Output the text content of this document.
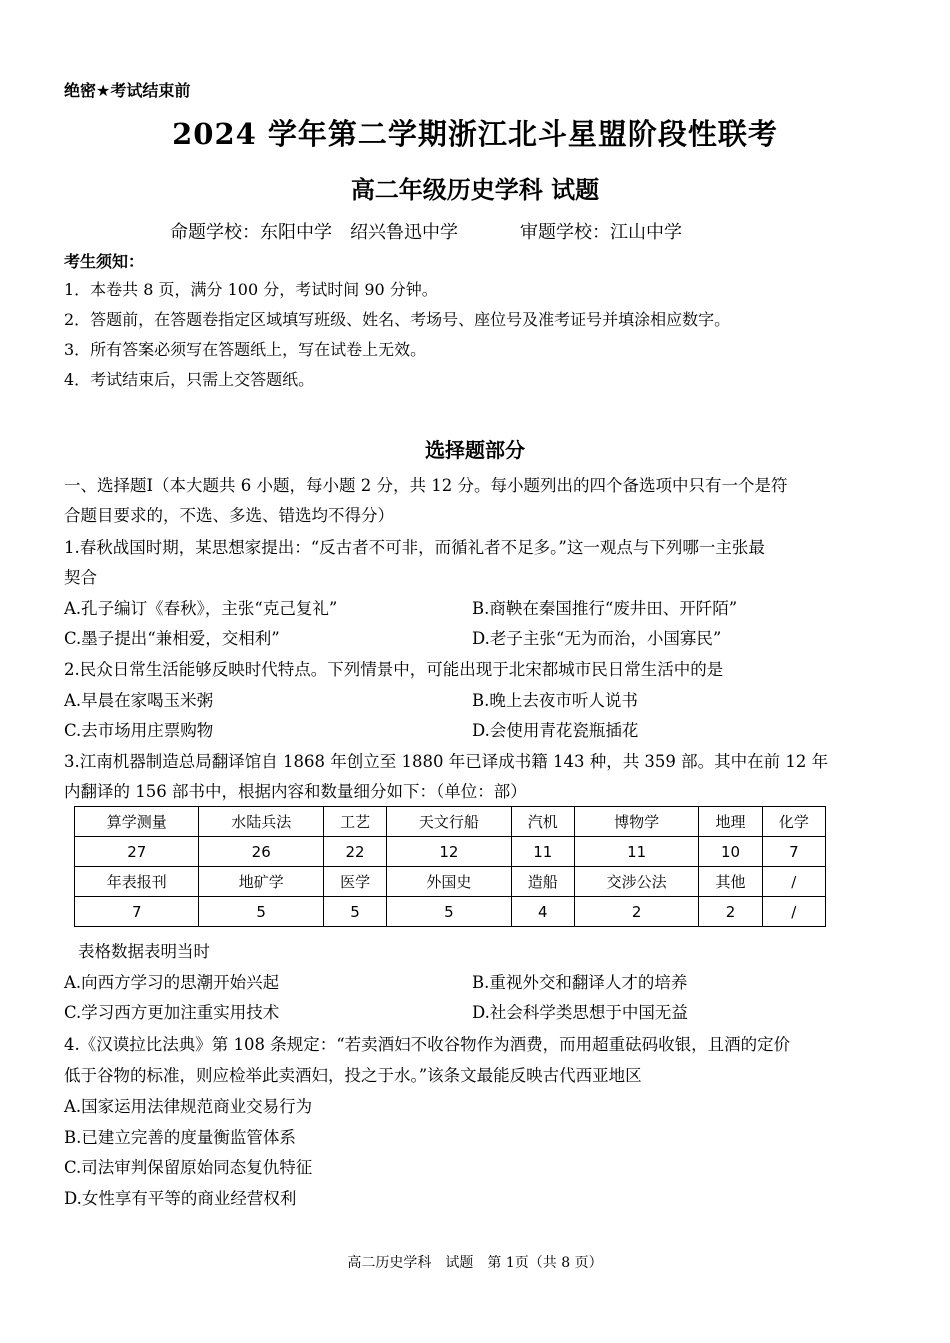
绝密★考试结束前
2024 学年第二学期浙江北斗星盟阶段性联考
高二年级历史学科 试题
命题学校：东阳中学　绍兴鲁迅中学	审题学校：江山中学
考生须知：
1．本卷共 8 页，满分 100 分，考试时间 90 分钟。
2．答题前，在答题卷指定区域填写班级、姓名、考场号、座位号及准考证号并填涂相应数字。
3．所有答案必须写在答题纸上，写在试卷上无效。
4．考试结束后，只需上交答题纸。
选择题部分
一、选择题Ⅰ（本大题共 6 小题，每小题 2 分，共 12 分。每小题列出的四个备选项中只有一个是符
合题目要求的，不选、多选、错选均不得分）
1.春秋战国时期，某思想家提出：“反古者不可非，而循礼者不足多。”这一观点与下列哪一主张最
契合
A.孔子编订《春秋》，主张“克己复礼”	B.商鞅在秦国推行“废井田、开阡陌”
C.墨子提出“兼相爱，交相利”	D.老子主张“无为而治，小国寡民”
2.民众日常生活能够反映时代特点。下列情景中，可能出现于北宋都城市民日常生活中的是
A.早晨在家喝玉米粥	B.晚上去夜市听人说书
C.去市场用庄票购物	D.会使用青花瓷瓶插花
3.江南机器制造总局翻译馆自 1868 年创立至 1880 年已译成书籍 143 种，共 359 部。其中在前 12 年
内翻译的 156 部书中，根据内容和数量细分如下：（单位：部）
算学测量	水陆兵法	工艺	天文行船	汽机	博物学	地理	化学
27	26	22	12	11	11	10	7
年表报刊	地矿学	医学	外国史	造船	交涉公法	其他	/
7	5	5	5	4	2	2	/
表格数据表明当时
A.向西方学习的思潮开始兴起	B.重视外交和翻译人才的培养
C.学习西方更加注重实用技术	D.社会科学类思想于中国无益
4.《汉谟拉比法典》第 108 条规定：“若卖酒妇不收谷物作为酒费，而用超重砝码收银，且酒的定价
低于谷物的标准，则应检举此卖酒妇，投之于水。”该条文最能反映古代西亚地区
A.国家运用法律规范商业交易行为
B.已建立完善的度量衡监管体系
C.司法审判保留原始同态复仇特征
D.女性享有平等的商业经营权利
高二历史学科　试题　第 1页（共 8 页）
